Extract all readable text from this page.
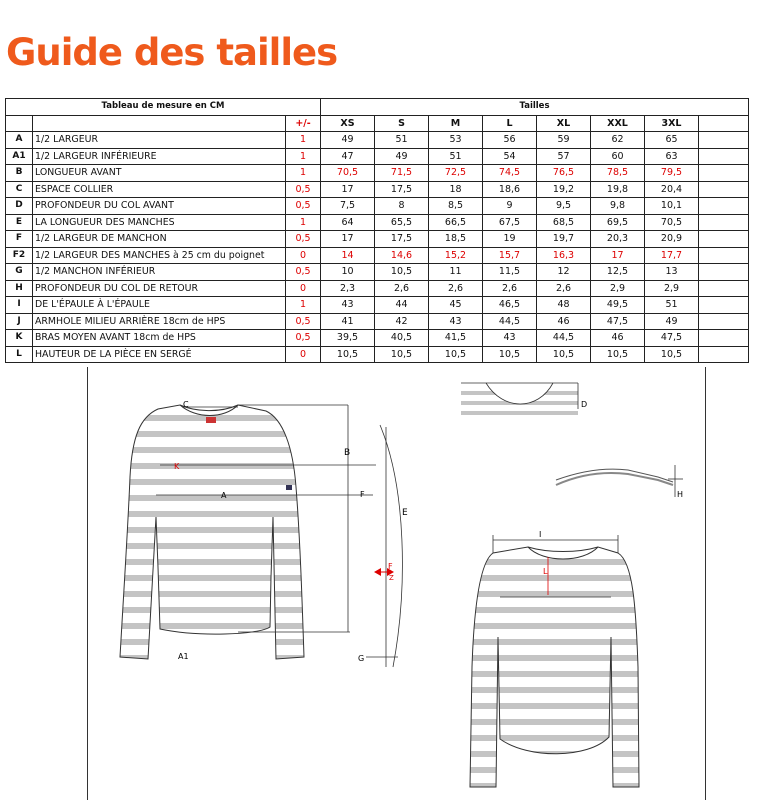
Guide des tailles
Tableau de mesure en CM			Tailles							
		+/-	XS	S	M	L	XL	XXL	3XL	
A	1/2 LARGEUR	1	49	51	53	56	59	62	65	
A1	1/2 LARGEUR INFÉRIEURE	1	47	49	51	54	57	60	63	
B	LONGUEUR AVANT	1	70,5	71,5	72,5	74,5	76,5	78,5	79,5	
C	ESPACE COLLIER	0,5	17	17,5	18	18,6	19,2	19,8	20,4	
D	PROFONDEUR DU COL AVANT	0,5	7,5	8	8,5	9	9,5	9,8	10,1	
E	LA LONGUEUR DES MANCHES	1	64	65,5	66,5	67,5	68,5	69,5	70,5	
F	1/2 LARGEUR DE MANCHON	0,5	17	17,5	18,5	19	19,7	20,3	20,9	
F2	1/2 LARGEUR DES MANCHES à 25 cm du poignet	0	14	14,6	15,2	15,7	16,3	17	17,7	
G	1/2 MANCHON INFÉRIEUR	0,5	10	10,5	11	11,5	12	12,5	13	
H	PROFONDEUR DU COL DE RETOUR	0	2,3	2,6	2,6	2,6	2,6	2,9	2,9	
I	DE L'ÉPAULE À L'ÉPAULE	1	43	44	45	46,5	48	49,5	51	
J	ARMHOLE MILIEU ARRIÈRE 18cm de HPS	0,5	41	42	43	44,5	46	47,5	49	
K	BRAS MOYEN AVANT 18cm de HPS	0,5	39,5	40,5	41,5	43	44,5	46	47,5	
L	HAUTEUR DE LA PIÈCE EN SERGÉ	0	10,5	10,5	10,5	10,5	10,5	10,5	10,5	
C
B
K
A	F
E
F
Z
A1	G
D
H
I
L
